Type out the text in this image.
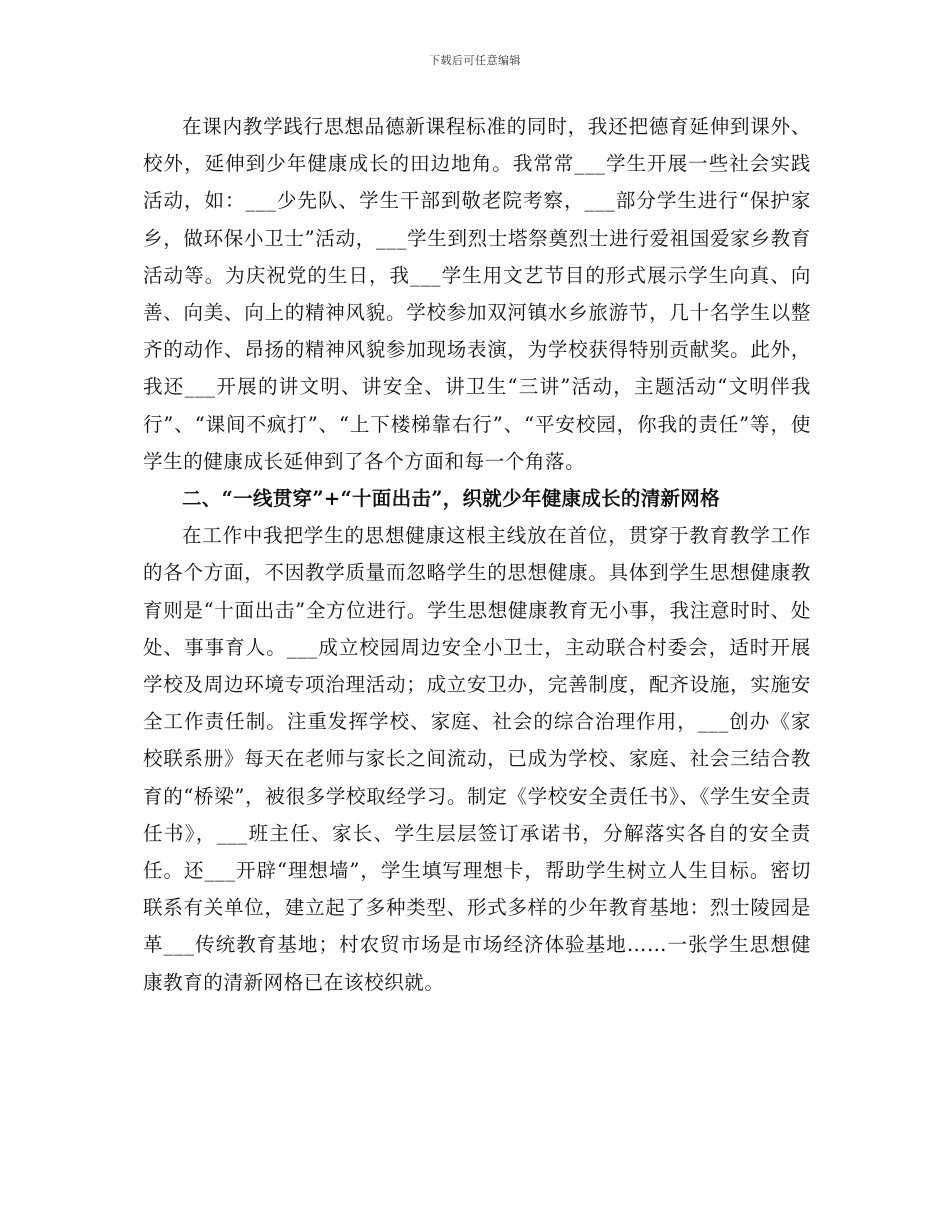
下载后可任意编辑

在课内教学践行思想品德新课程标准的同时，我还把德育延伸到课外、校外，延伸到少年健康成长的田边地角。我常常___学生开展一些社会实践活动，如：___少先队、学生干部到敬老院考察，___部分学生进行“保护家乡，做环保小卫士”活动，___学生到烈士塔祭奠烈士进行爱祖国爱家乡教育活动等。为庆祝党的生日，我___学生用文艺节目的形式展示学生向真、向善、向美、向上的精神风貌。学校参加双河镇水乡旅游节，几十名学生以整齐的动作、昂扬的精神风貌参加现场表演，为学校获得特别贡献奖。此外，我还___开展的讲文明、讲安全、讲卫生“三讲”活动，主题活动“文明伴我行”、“课间不疯打”、“上下楼梯靠右行”、“平安校园，你我的责任”等，使学生的健康成长延伸到了各个方面和每一个角落。

二、“一线贯穿”+“十面出击”，织就少年健康成长的清新网格

在工作中我把学生的思想健康这根主线放在首位，贯穿于教育教学工作的各个方面，不因教学质量而忽略学生的思想健康。具体到学生思想健康教育则是“十面出击”全方位进行。学生思想健康教育无小事，我注意时时、处处、事事育人。___成立校园周边安全小卫士，主动联合村委会，适时开展学校及周边环境专项治理活动；成立安卫办，完善制度，配齐设施，实施安全工作责任制。注重发挥学校、家庭、社会的综合治理作用，___创办《家校联系册》每天在老师与家长之间流动，已成为学校、家庭、社会三结合教育的“桥梁”，被很多学校取经学习。制定《学校安全责任书》、《学生安全责任书》，___班主任、家长、学生层层签订承诺书，分解落实各自的安全责任。还___开辟“理想墙”，学生填写理想卡，帮助学生树立人生目标。密切联系有关单位，建立起了多种类型、形式多样的少年教育基地：烈士陵园是革___传统教育基地；村农贸市场是市场经济体验基地……一张学生思想健康教育的清新网格已在该校织就。
